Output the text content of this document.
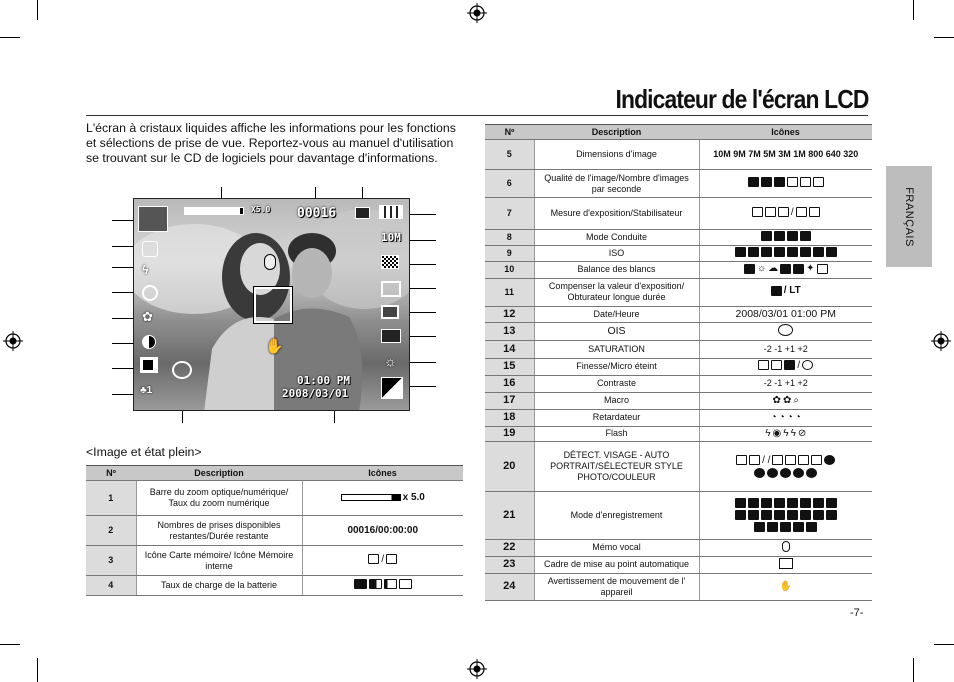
Indicateur de l'écran LCD
L'écran à cristaux liquides affiche les informations pour les fonctions et sélections de prise de vue. Reportez-vous au manuel d'utilisation se trouvant sur le CD de logiciels pour davantage d'informations.
FRANÇAIS
X5.0 00016
ϟ
✿
♣1
✋
01:00 PM
2008/03/01
10M
☼
<Image et état plein>
Nº	Description	Icônes
1	Barre du zoom optique/numérique/ Taux du zoom numérique	x 5.0

2	Nombres de prises disponibles restantes/Durée restante	00016/00:00:00
3	Icône Carte mémoire/ Icône Mémoire interne	/

4	Taux de charge de la batterie	
Nº	Description	Icônes
5	Dimensions d'image	10M 9M 7M 5M 3M 1M 800 640 320
6	Qualité de l'image/Nombre d'images par seconde	

7	Mesure d'exposition/Stabilisateur	/

8	Mode Conduite	

9	ISO	

10	Balance des blancs	☼ ☁ ✦

11	Compenser la valeur d'exposition/ Obturateur longue durée	/ LT

12	Date/Heure	2008/03/01 01:00 PM
13	OIS	
14	SATURATION	-2 -1 +1 +2
15	Finesse/Micro éteint	/

16	Contraste	-2 -1 +1 +2
17	Macro	✿ ✿ ⌕

18	Retardateur	◔ ◔ ◔ ◔

19	Flash	ϟ ◉ ϟ ϟ ⊘

20	DÉTECT. VISAGE - AUTO PORTRAIT/SÉLECTEUR STYLE PHOTO/COULEUR	/ /

21	Mode d'enregistrement	

22	Mémo vocal	
23	Cadre de mise au point automatique	
24	Avertissement de mouvement de l' appareil	✋
-7-
